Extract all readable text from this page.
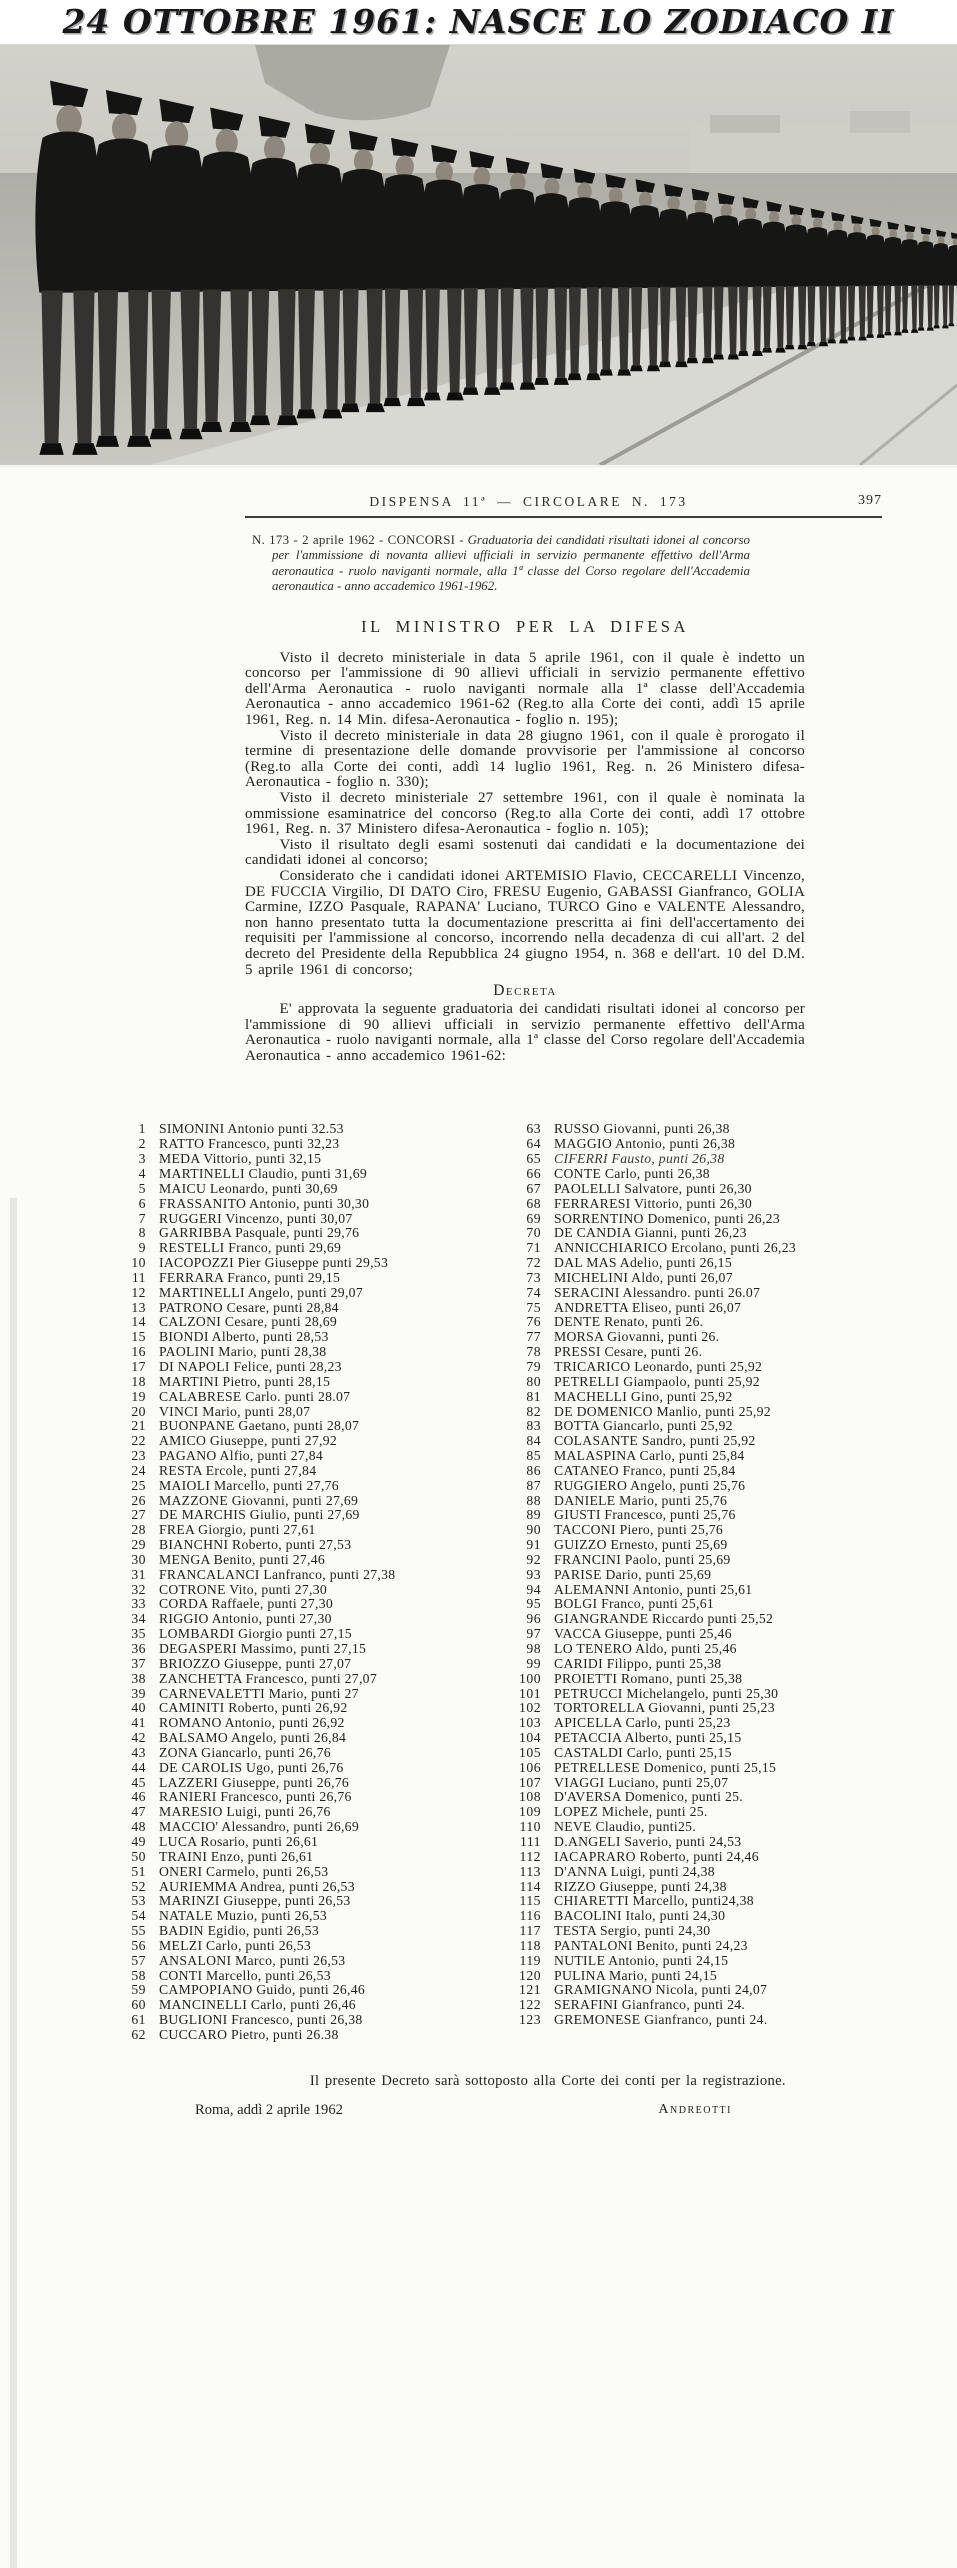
24 OTTOBRE 1961: NASCE LO ZODIACO II
DISPENSA 11ª — CIRCOLARE N. 173	397

N. 173 - 2 aprile 1962 - CONCORSI - Graduatoria dei candidati risultati idonei al concorso per l'ammissione di novanta allievi ufficiali in servizio permanente effettivo dell'Arma aeronautica - ruolo naviganti normale, alla 1ª classe del Corso regolare dell'Accademia aeronautica - anno accademico 1961-1962.

IL MINISTRO PER LA DIFESA

Visto il decreto ministeriale in data 5 aprile 1961, con il quale è indetto un concorso per l'ammissione di 90 allievi ufficiali in servizio permanente effettivo dell'Arma Aeronautica - ruolo naviganti normale alla 1ª classe dell'Accademia Aeronautica - anno accademico 1961-62 (Reg.to alla Corte dei conti, addì 15 aprile 1961, Reg. n. 14 Min. difesa-Aeronautica - foglio n. 195);

Visto il decreto ministeriale in data 28 giugno 1961, con il quale è prorogato il termine di presentazione delle domande provvisorie per l'ammissione al concorso (Reg.to alla Corte dei conti, addì 14 luglio 1961, Reg. n. 26 Ministero difesa-Aeronautica - foglio n. 330);

Visto il decreto ministeriale 27 settembre 1961, con il quale è nominata la ommissione esaminatrice del concorso (Reg.to alla Corte dei conti, addì 17 ottobre 1961, Reg. n. 37 Ministero difesa-Aeronautica - foglio n. 105);

Visto il risultato degli esami sostenuti dai candidati e la documentazione dei candidati idonei al concorso;

Considerato che i candidati idonei ARTEMISIO Flavio, CECCARELLI Vincenzo, DE FUCCIA Virgilio, DI DATO Ciro, FRESU Eugenio, GABASSI Gianfranco, GOLIA Carmine, IZZO Pasquale, RAPANA' Luciano, TURCO Gino e VALENTE Alessandro, non hanno presentato tutta la documentazione prescritta ai fini dell'accertamento dei requisiti per l'ammissione al concorso, incorrendo nella decadenza di cui all'art. 2 del decreto del Presidente della Repubblica 24 giugno 1954, n. 368 e dell'art. 10 del D.M. 5 aprile 1961 di concorso;

Decreta

E' approvata la seguente graduatoria dei candidati risultati idonei al concorso per l'ammissione di 90 allievi ufficiali in servizio permanente effettivo dell'Arma Aeronautica - ruolo naviganti normale, alla 1ª classe del Corso regolare dell'Accademia Aeronautica - anno accademico 1961-62:

1 SIMONINI Antonio punti 32.53
2 RATTO Francesco, punti 32,23
3 MEDA Vittorio, punti 32,15
4 MARTINELLI Claudio, punti 31,69
5 MAICU Leonardo, punti 30,69
6 FRASSANITO Antonio, punti 30,30
7 RUGGERI Vincenzo, punti 30,07
8 GARRIBBA Pasquale, punti 29,76
9 RESTELLI Franco, punti 29,69
10 IACOPOZZI Pier Giuseppe punti 29,53
11 FERRARA Franco, punti 29,15
12 MARTINELLI Angelo, punti 29,07
13 PATRONO Cesare, punti 28,84
14 CALZONI Cesare, punti 28,69
15 BIONDI Alberto, punti 28,53
16 PAOLINI Mario, punti 28,38
17 DI NAPOLI Felice, punti 28,23
18 MARTINI Pietro, punti 28,15
19 CALABRESE Carlo. punti 28.07
20 VINCI Mario, punti 28,07
21 BUONPANE Gaetano, punti 28,07
22 AMICO Giuseppe, punti 27,92
23 PAGANO Alfio, punti 27,84
24 RESTA Ercole, punti 27,84
25 MAIOLI Marcello, punti 27,76
26 MAZZONE Giovanni, punti 27,69
27 DE MARCHIS Giulio, punti 27,69
28 FREA Giorgio, punti 27,61
29 BIANCHNI Roberto, punti 27,53
30 MENGA Benito, punti 27,46
31 FRANCALANCI Lanfranco, punti 27,38
32 COTRONE Vito, punti 27,30
33 CORDA Raffaele, punti 27,30
34 RIGGIO Antonio, punti 27,30
35 LOMBARDI Giorgio punti 27,15
36 DEGASPERI Massimo, punti 27,15
37 BRIOZZO Giuseppe, punti 27,07
38 ZANCHETTA Francesco, punti 27,07
39 CARNEVALETTI Mario, punti 27
40 CAMINITI Roberto, punti 26,92
41 ROMANO Antonio, punti 26,92
42 BALSAMO Angelo, punti 26,84
43 ZONA Giancarlo, punti 26,76
44 DE CAROLIS Ugo, punti 26,76
45 LAZZERI Giuseppe, punti 26,76
46 RANIERI Francesco, punti 26,76
47 MARESIO Luigi, punti 26,76
48 MACCIO' Alessandro, punti 26,69
49 LUCA Rosario, punti 26,61
50 TRAINI Enzo, punti 26,61
51 ONERI Carmelo, punti 26,53
52 AURIEMMA Andrea, punti 26,53
53 MARINZI Giuseppe, punti 26,53
54 NATALE Muzio, punti 26,53
55 BADIN Egidio, punti 26,53
56 MELZI Carlo, punti 26,53
57 ANSALONI Marco, punti 26,53
58 CONTI Marcello, punti 26,53
59 CAMPOPIANO Guido, punti 26,46
60 MANCINELLI Carlo, punti 26,46
61 BUGLIONI Francesco, punti 26,38
62 CUCCARO Pietro, punti 26.38
63 RUSSO Giovanni, punti 26,38
64 MAGGIO Antonio, punti 26,38
65 CIFERRI Fausto, punti 26,38
66 CONTE Carlo, punti 26,38
67 PAOLELLI Salvatore, punti 26,30
68 FERRARESI Vittorio, punti 26,30
69 SORRENTINO Domenico, punti 26,23
70 DE CANDIA Gianni, punti 26,23
71 ANNICCHIARICO Ercolano, punti 26,23
72 DAL MAS Adelio, punti 26,15
73 MICHELINI Aldo, punti 26,07
74 SERACINI Alessandro. punti 26.07
75 ANDRETTA Eliseo, punti 26,07
76 DENTE Renato, punti 26.
77 MORSA Giovanni, punti 26.
78 PRESSI Cesare, punti 26.
79 TRICARICO Leonardo, punti 25,92
80 PETRELLI Giampaolo, punti 25,92
81 MACHELLI Gino, punti 25,92
82 DE DOMENICO Manlio, punti 25,92
83 BOTTA Giancarlo, punti 25,92
84 COLASANTE Sandro, punti 25,92
85 MALASPINA Carlo, punti 25,84
86 CATANEO Franco, punti 25,84
87 RUGGIERO Angelo, punti 25,76
88 DANIELE Mario, punti 25,76
89 GIUSTI Francesco, punti 25,76
90 TACCONI Piero, punti 25,76
91 GUIZZO Ernesto, punti 25,69
92 FRANCINI Paolo, punti 25,69
93 PARISE Dario, punti 25,69
94 ALEMANNI Antonio, punti 25,61
95 BOLGI Franco, punti 25,61
96 GIANGRANDE Riccardo punti 25,52
97 VACCA Giuseppe, punti 25,46
98 LO TENERO Aldo, punti 25,46
99 CARIDI Filippo, punti 25,38
100 PROIETTI Romano, punti 25,38
101 PETRUCCI Michelangelo, punti 25,30
102 TORTORELLA Giovanni, punti 25,23
103 APICELLA Carlo, punti 25,23
104 PETACCIA Alberto, punti 25,15
105 CASTALDI Carlo, punti 25,15
106 PETRELLESE Domenico, punti 25,15
107 VIAGGI Luciano, punti 25,07
108 D'AVERSA Domenico, punti 25.
109 LOPEZ Michele, punti 25.
110 NEVE Claudio, punti25.
111 D.ANGELI Saverio, punti 24,53
112 IACAPRARO Roberto, punti 24,46
113 D'ANNA Luigi, punti 24,38
114 RIZZO Giuseppe, punti 24,38
115 CHIARETTI Marcello, punti24,38
116 BACOLINI Italo, punti 24,30
117 TESTA Sergio, punti 24,30
118 PANTALONI Benito, punti 24,23
119 NUTILE Antonio, punti 24,15
120 PULINA Mario, punti 24,15
121 GRAMIGNANO Nicola, punti 24,07
122 SERAFINI Gianfranco, punti 24.
123 GREMONESE Gianfranco, punti 24.

Il presente Decreto sarà sottoposto alla Corte dei conti per la registrazione.

Roma, addì 2 aprile 1962	Andreotti
